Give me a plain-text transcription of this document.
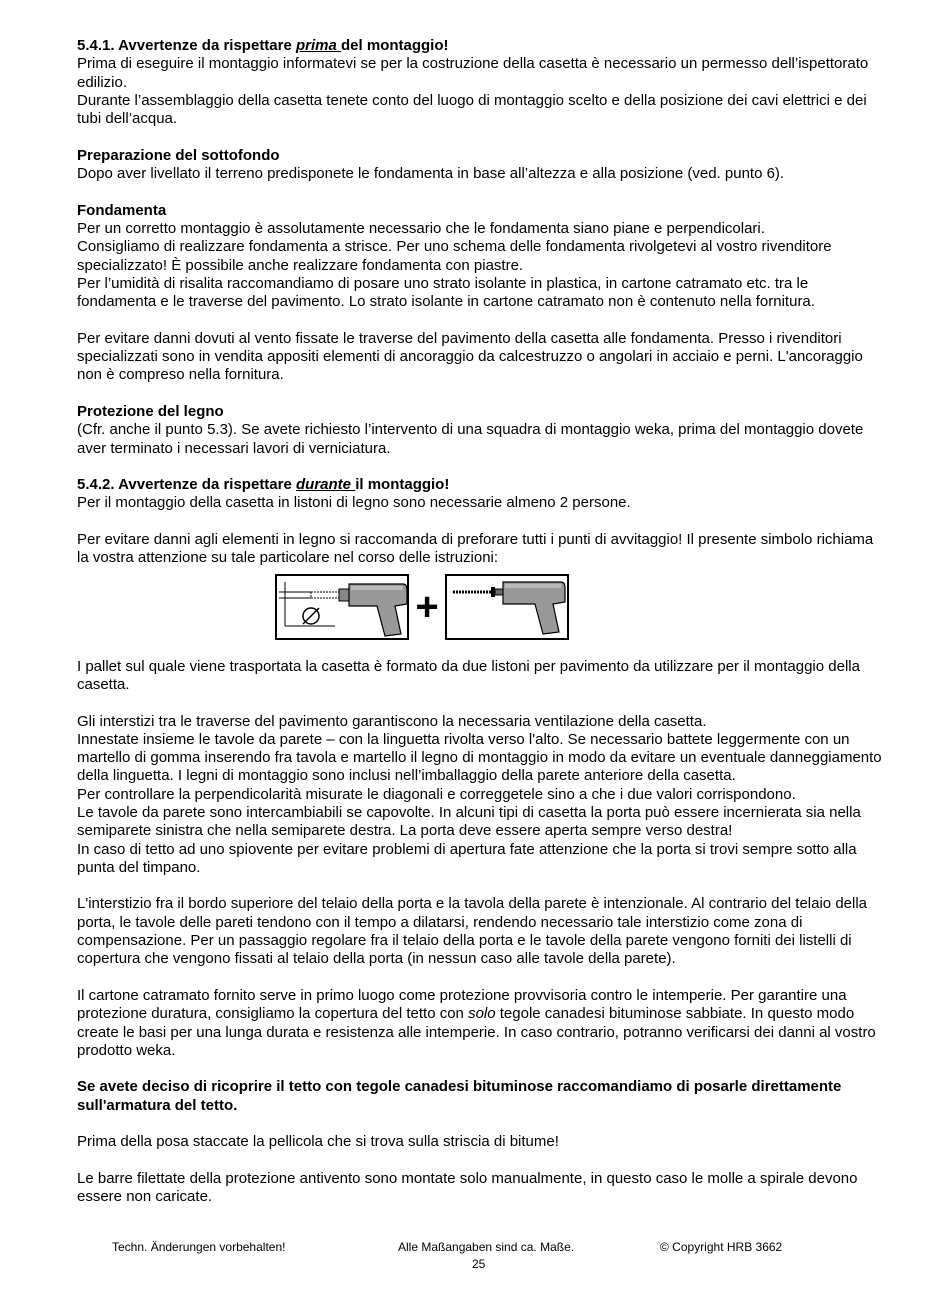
5.4.1. Avvertenze da rispettare prima del montaggio!
Prima di eseguire il montaggio informatevi se per la costruzione della casetta è necessario un permesso dell’ispettorato edilizio.
Durante l’assemblaggio della casetta tenete conto del luogo di montaggio scelto e della posizione dei cavi elettrici e dei tubi dell’acqua.
Preparazione del sottofondo
Dopo aver livellato il terreno predisponete le fondamenta in base all’altezza e alla posizione (ved. punto 6).
Fondamenta
Per un corretto montaggio è assolutamente necessario che le fondamenta siano piane e perpendicolari.
Consigliamo di realizzare fondamenta a strisce. Per uno schema delle fondamenta rivolgetevi al vostro rivenditore specializzato! È possibile anche realizzare fondamenta con piastre.
Per l’umidità di risalita raccomandiamo di posare uno strato isolante in plastica, in cartone catramato etc. tra le fondamenta e le traverse del pavimento. Lo strato isolante in cartone catramato non è contenuto nella fornitura.
Per evitare danni dovuti al vento fissate le traverse del pavimento della casetta alle fondamenta. Presso i rivenditori specializzati sono in vendita appositi elementi di ancoraggio da calcestruzzo o angolari in acciaio e perni. L'ancoraggio non è compreso nella fornitura.
Protezione del legno
(Cfr. anche il punto 5.3). Se avete richiesto l’intervento di una squadra di montaggio weka, prima del montaggio dovete aver terminato i necessari lavori di verniciatura.
5.4.2. Avvertenze da rispettare durante il montaggio!
Per il montaggio della casetta in listoni di legno sono necessarie almeno 2 persone.
Per evitare danni agli elementi in legno si raccomanda di preforare tutti i punti di avvitaggio! Il presente simbolo richiama la vostra attenzione su tale particolare nel corso delle istruzioni:
+
I pallet sul quale viene trasportata la casetta è formato da due listoni per pavimento da utilizzare per il montaggio della casetta.
Gli interstizi tra le traverse del pavimento garantiscono la necessaria ventilazione della casetta.
Innestate insieme le tavole da parete – con la linguetta rivolta verso l'alto. Se necessario battete leggermente con un martello di gomma inserendo fra tavola e martello il legno di montaggio in modo da evitare un eventuale danneggiamento della linguetta. I legni di montaggio sono inclusi nell’imballaggio della parete anteriore della casetta.
Per controllare la perpendicolarità misurate le diagonali e correggetele sino a che i due valori corrispondono.
Le tavole da parete sono intercambiabili se capovolte. In alcuni tipi di casetta la porta può essere incernierata sia nella semiparete sinistra che nella semiparete destra. La porta deve essere aperta sempre verso destra!
In caso di tetto ad uno spiovente per evitare problemi di apertura fate attenzione che la porta si trovi sempre sotto alla punta del timpano.
L'interstizio fra il bordo superiore del telaio della porta e la tavola della parete è intenzionale. Al contrario del telaio della porta, le tavole delle pareti tendono con il tempo a dilatarsi, rendendo necessario tale interstizio come zona di compensazione. Per un passaggio regolare fra il telaio della porta e le tavole della parete vengono forniti dei listelli di copertura che vengono fissati al telaio della porta (in nessun caso alle tavole della parete).
Il cartone catramato fornito serve in primo luogo come protezione provvisoria contro le intemperie. Per garantire una protezione duratura, consigliamo la copertura del tetto con solo tegole canadesi bituminose sabbiate. In questo modo create le basi per una lunga durata e resistenza alle intemperie. In caso contrario, potranno verificarsi dei danni al vostro prodotto weka.
Se avete deciso di ricoprire il tetto con tegole canadesi bituminose raccomandiamo di posarle direttamente sull'armatura del tetto.
Prima della posa staccate la pellicola che si trova sulla striscia di bitume!
Le barre filettate della protezione antivento sono montate solo manualmente, in questo caso le molle a spirale devono essere non caricate.
Techn. Änderungen vorbehalten!	Alle Maßangaben sind ca. Maße.	© Copyright HRB 3662
25
